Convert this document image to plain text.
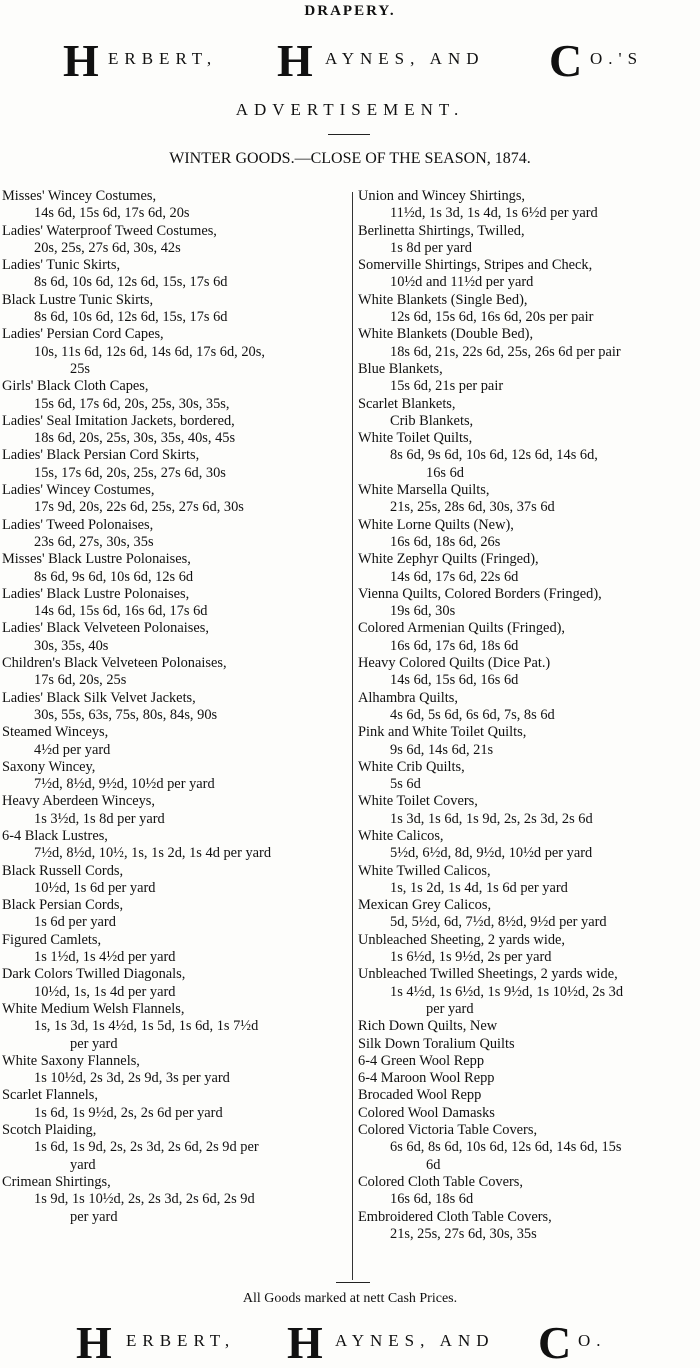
DRAPERY.
H ERBERT, H AYNES, AND C O.'S
ADVERTISEMENT.
WINTER GOODS.—CLOSE OF THE SEASON, 1874.
Misses' Wincey Costumes,
14s 6d, 15s 6d, 17s 6d, 20s
Ladies' Waterproof Tweed Costumes,
20s, 25s, 27s 6d, 30s, 42s
Ladies' Tunic Skirts,
8s 6d, 10s 6d, 12s 6d, 15s, 17s 6d
Black Lustre Tunic Skirts,
8s 6d, 10s 6d, 12s 6d, 15s, 17s 6d
Ladies' Persian Cord Capes,
10s, 11s 6d, 12s 6d, 14s 6d, 17s 6d, 20s,
25s
Girls' Black Cloth Capes,
15s 6d, 17s 6d, 20s, 25s, 30s, 35s,
Ladies' Seal Imitation Jackets, bordered,
18s 6d, 20s, 25s, 30s, 35s, 40s, 45s
Ladies' Black Persian Cord Skirts,
15s, 17s 6d, 20s, 25s, 27s 6d, 30s
Ladies' Wincey Costumes,
17s 9d, 20s, 22s 6d, 25s, 27s 6d, 30s
Ladies' Tweed Polonaises,
23s 6d, 27s, 30s, 35s
Misses' Black Lustre Polonaises,
8s 6d, 9s 6d, 10s 6d, 12s 6d
Ladies' Black Lustre Polonaises,
14s 6d, 15s 6d, 16s 6d, 17s 6d
Ladies' Black Velveteen Polonaises,
30s, 35s, 40s
Children's Black Velveteen Polonaises,
17s 6d, 20s, 25s
Ladies' Black Silk Velvet Jackets,
30s, 55s, 63s, 75s, 80s, 84s, 90s
Steamed Winceys,
4½d per yard
Saxony Wincey,
7½d, 8½d, 9½d, 10½d per yard
Heavy Aberdeen Winceys,
1s 3½d, 1s 8d per yard
6-4 Black Lustres,
7½d, 8½d, 10½, 1s, 1s 2d, 1s 4d per yard
Black Russell Cords,
10½d, 1s 6d per yard
Black Persian Cords,
1s 6d per yard
Figured Camlets,
1s 1½d, 1s 4½d per yard
Dark Colors Twilled Diagonals,
10½d, 1s, 1s 4d per yard
White Medium Welsh Flannels,
1s, 1s 3d, 1s 4½d, 1s 5d, 1s 6d, 1s 7½d
per yard
White Saxony Flannels,
1s 10½d, 2s 3d, 2s 9d, 3s per yard
Scarlet Flannels,
1s 6d, 1s 9½d, 2s, 2s 6d per yard
Scotch Plaiding,
1s 6d, 1s 9d, 2s, 2s 3d, 2s 6d, 2s 9d per
yard
Crimean Shirtings,
1s 9d, 1s 10½d, 2s, 2s 3d, 2s 6d, 2s 9d
per yard
Union and Wincey Shirtings,
11½d, 1s 3d, 1s 4d, 1s 6½d per yard
Berlinetta Shirtings, Twilled,
1s 8d per yard
Somerville Shirtings, Stripes and Check,
10½d and 11½d per yard
White Blankets (Single Bed),
12s 6d, 15s 6d, 16s 6d, 20s per pair
White Blankets (Double Bed),
18s 6d, 21s, 22s 6d, 25s, 26s 6d per pair
Blue Blankets,
15s 6d, 21s per pair
Scarlet Blankets,
Crib Blankets,
White Toilet Quilts,
8s 6d, 9s 6d, 10s 6d, 12s 6d, 14s 6d,
16s 6d
White Marsella Quilts,
21s, 25s, 28s 6d, 30s, 37s 6d
White Lorne Quilts (New),
16s 6d, 18s 6d, 26s
White Zephyr Quilts (Fringed),
14s 6d, 17s 6d, 22s 6d
Vienna Quilts, Colored Borders (Fringed),
19s 6d, 30s
Colored Armenian Quilts (Fringed),
16s 6d, 17s 6d, 18s 6d
Heavy Colored Quilts (Dice Pat.)
14s 6d, 15s 6d, 16s 6d
Alhambra Quilts,
4s 6d, 5s 6d, 6s 6d, 7s, 8s 6d
Pink and White Toilet Quilts,
9s 6d, 14s 6d, 21s
White Crib Quilts,
5s 6d
White Toilet Covers,
1s 3d, 1s 6d, 1s 9d, 2s, 2s 3d, 2s 6d
White Calicos,
5½d, 6½d, 8d, 9½d, 10½d per yard
White Twilled Calicos,
1s, 1s 2d, 1s 4d, 1s 6d per yard
Mexican Grey Calicos,
5d, 5½d, 6d, 7½d, 8½d, 9½d per yard
Unbleached Sheeting, 2 yards wide,
1s 6½d, 1s 9½d, 2s per yard
Unbleached Twilled Sheetings, 2 yards wide,
1s 4½d, 1s 6½d, 1s 9½d, 1s 10½d, 2s 3d
per yard
Rich Down Quilts, New
Silk Down Toralium Quilts
6-4 Green Wool Repp
6-4 Maroon Wool Repp
Brocaded Wool Repp
Colored Wool Damasks
Colored Victoria Table Covers,
6s 6d, 8s 6d, 10s 6d, 12s 6d, 14s 6d, 15s
6d
Colored Cloth Table Covers,
16s 6d, 18s 6d
Embroidered Cloth Table Covers,
21s, 25s, 27s 6d, 30s, 35s
All Goods marked at nett Cash Prices.
H ERBERT, H AYNES, AND C O.
